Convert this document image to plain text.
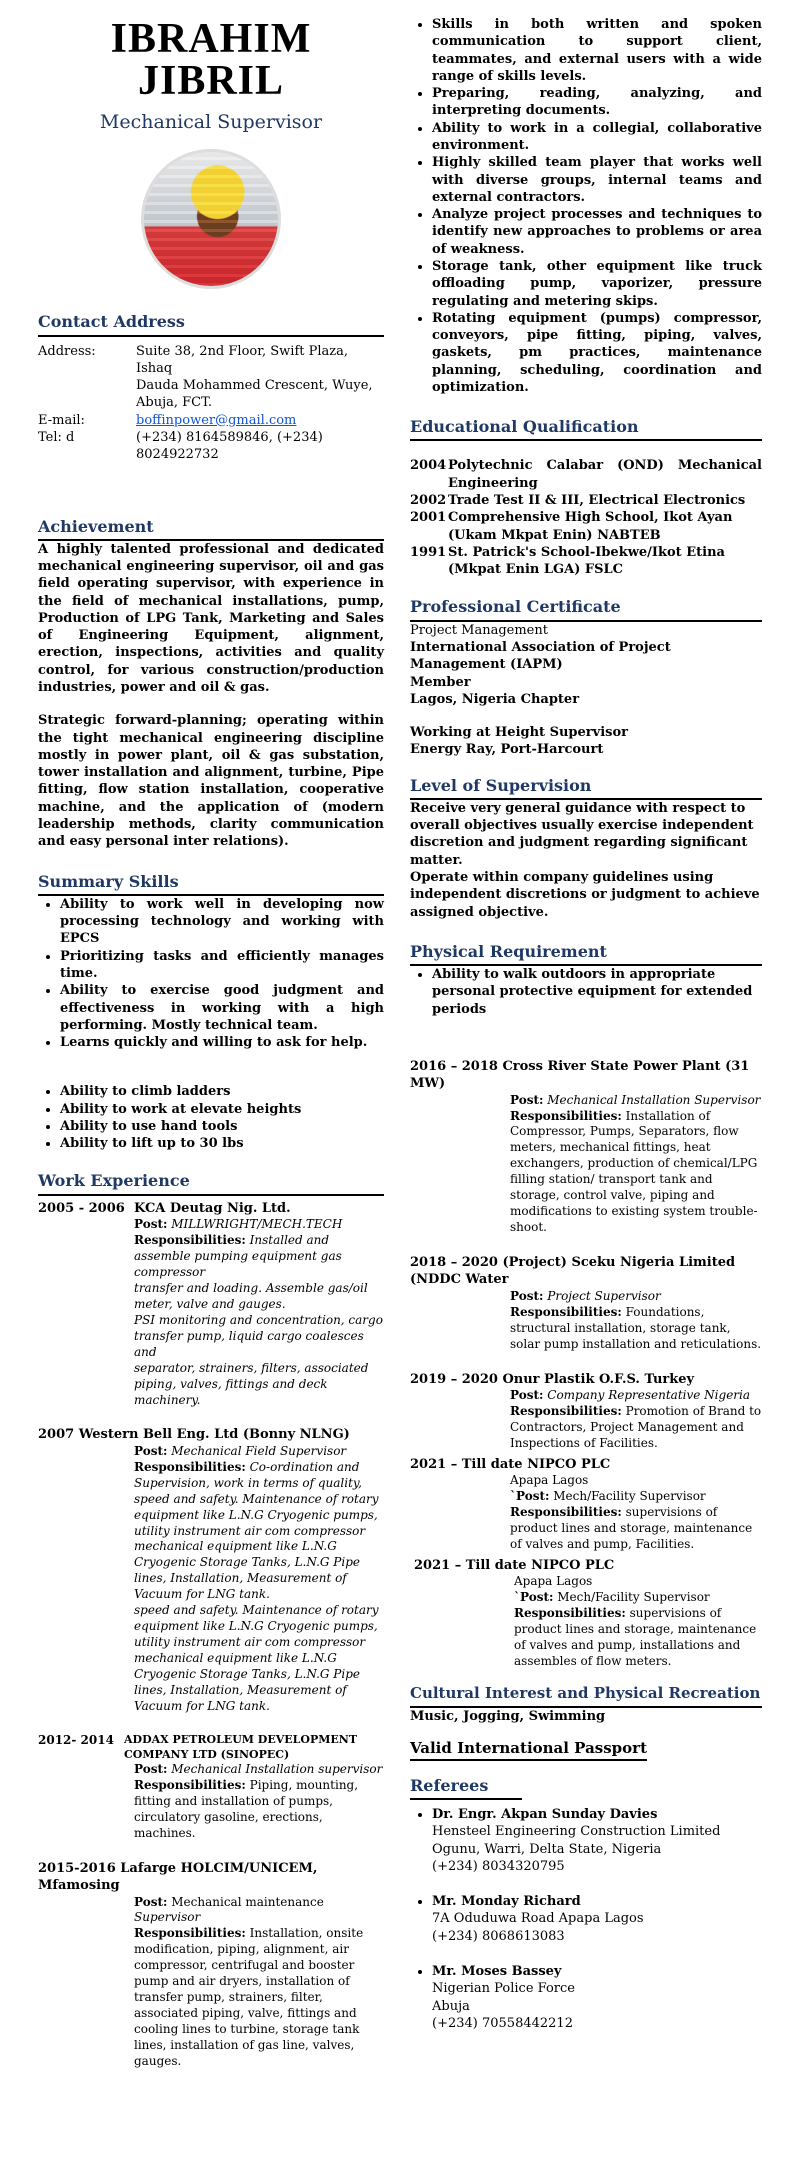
IBRAHIM JIBRIL
Mechanical Supervisor
Contact Address
Address:	Suite 38, 2nd Floor, Swift Plaza, Ishaq
Dauda Mohammed Crescent, Wuye, Abuja, FCT.

E-mail:	boffinpower@gmail.com
Tel: d	(+234) 8164589846, (+234) 8024922732
Achievement

A highly talented professional and dedicated mechanical engineering supervisor, oil and gas field operating supervisor, with experience in the field of mechanical installations, pump, Production of LPG Tank, Marketing and Sales of Engineering Equipment, alignment, erection, inspections, activities and quality control, for various construction/production industries, power and oil & gas.

Strategic forward-planning; operating within the tight mechanical engineering discipline mostly in power plant, oil & gas substation, tower installation and alignment, turbine, Pipe fitting, flow station installation, cooperative machine, and the application of (modern leadership methods, clarity communication and easy personal inter relations).

Summary Skills
• Ability to work well in developing now processing technology and working with EPCS
• Prioritizing tasks and efficiently manages time.
• Ability to exercise good judgment and effectiveness in working with a high performing. Mostly technical team.
• Learns quickly and willing to ask for help.
• Ability to climb ladders
• Ability to work at elevate heights
• Ability to use hand tools
• Ability to lift up to 30 lbs
Work Experience
2005 - 2006 KCA Deutag Nig. Ltd.
Post: MILLWRIGHT/MECH.TECH
Responsibilities: Installed and assemble pumping equipment gas compressor
transfer and loading. Assemble gas/oil meter, valve and gauges.
PSI monitoring and concentration, cargo
transfer pump, liquid cargo coalesces and
separator, strainers, filters, associated piping, valves, fittings and deck machinery.
2007 Western Bell Eng. Ltd (Bonny NLNG)
Post: Mechanical Field Supervisor
Responsibilities: Co-ordination and Supervision, work in terms of quality, speed and safety. Maintenance of rotary equipment like L.N.G Cryogenic pumps, utility instrument air com compressor mechanical equipment like L.N.G Cryogenic Storage Tanks, L.N.G Pipe lines, Installation, Measurement of Vacuum for LNG tank.
speed and safety. Maintenance of rotary equipment like L.N.G Cryogenic pumps, utility instrument air com compressor mechanical equipment like L.N.G Cryogenic Storage Tanks, L.N.G Pipe lines, Installation, Measurement of Vacuum for LNG tank.
2012- 2014	ADDAX PETROLEUM DEVELOPMENT COMPANY LTD (SINOPEC)
Post: Mechanical Installation supervisor
Responsibilities: Piping, mounting, fitting and installation of pumps, circulatory gasoline, erections, machines.
2015-2016 Lafarge HOLCIM/UNICEM, Mfamosing
Post: Mechanical maintenance
Supervisor
Responsibilities: Installation, onsite modification, piping, alignment, air compressor, centrifugal and booster pump and air dryers, installation of transfer pump, strainers, filter, associated piping, valve, fittings and cooling lines to turbine, storage tank lines, installation of gas line, valves, gauges.
• Skills in both written and spoken communication to support client, teammates, and external users with a wide range of skills levels.
• Preparing, reading, analyzing, and interpreting documents.
• Ability to work in a collegial, collaborative environment.
• Highly skilled team player that works well with diverse groups, internal teams and external contractors.
• Analyze project processes and techniques to identify new approaches to problems or area of weakness.
• Storage tank, other equipment like truck offloading pump, vaporizer, pressure regulating and metering skips.
• Rotating equipment (pumps) compressor, conveyors, pipe fitting, piping, valves, gaskets, pm practices, maintenance planning, scheduling, coordination and optimization.
Educational Qualification
2004	Polytechnic Calabar (OND) Mechanical Engineering
2002	Trade Test II & III, Electrical Electronics
2001	Comprehensive High School, Ikot Ayan (Ukam Mkpat Enin) NABTEB
1991	St. Patrick's School-Ibekwe/Ikot Etina (Mkpat Enin LGA) FSLC
Professional Certificate
Project Management
International Association of Project Management (IAPM)
Member
Lagos, Nigeria Chapter
Working at Height Supervisor
Energy Ray, Port-Harcourt
Level of Supervision

Receive very general guidance with respect to overall objectives usually exercise independent discretion and judgment regarding significant matter.

Operate within company guidelines using independent discretions or judgment to achieve assigned objective.

Physical Requirement
• Ability to walk outdoors in appropriate personal protective equipment for extended periods
2016 – 2018 Cross River State Power Plant (31 MW)
Post: Mechanical Installation Supervisor
Responsibilities: Installation of Compressor, Pumps, Separators, flow meters, mechanical fittings, heat exchangers, production of chemical/LPG filling station/ transport tank and storage, control valve, piping and modifications to existing system trouble-shoot.
2018 – 2020 (Project) Sceku Nigeria Limited (NDDC Water
Post: Project Supervisor
Responsibilities: Foundations, structural installation, storage tank, solar pump installation and reticulations.
2019 – 2020 Onur Plastik O.F.S. Turkey
Post: Company Representative Nigeria
Responsibilities: Promotion of Brand to Contractors, Project Management and Inspections of Facilities.
2021 – Till date NIPCO PLC
Apapa Lagos
`Post: Mech/Facility Supervisor
Responsibilities: supervisions of product lines and storage, maintenance of valves and pump, Facilities.
2021 – Till date NIPCO PLC
Apapa Lagos
`Post: Mech/Facility Supervisor
Responsibilities: supervisions of product lines and storage, maintenance of valves and pump, installations and assembles of flow meters.
Cultural Interest and Physical Recreation
Music, Jogging, Swimming
Valid International Passport
Referees
• Dr. Engr. Akpan Sunday Davies
Hensteel Engineering Construction Limited
Ogunu, Warri, Delta State, Nigeria
(+234) 8034320795
• Mr. Monday Richard
7A Oduduwa Road Apapa Lagos
(+234) 8068613083
• Mr. Moses Bassey
Nigerian Police Force
Abuja
(+234) 70558442212
